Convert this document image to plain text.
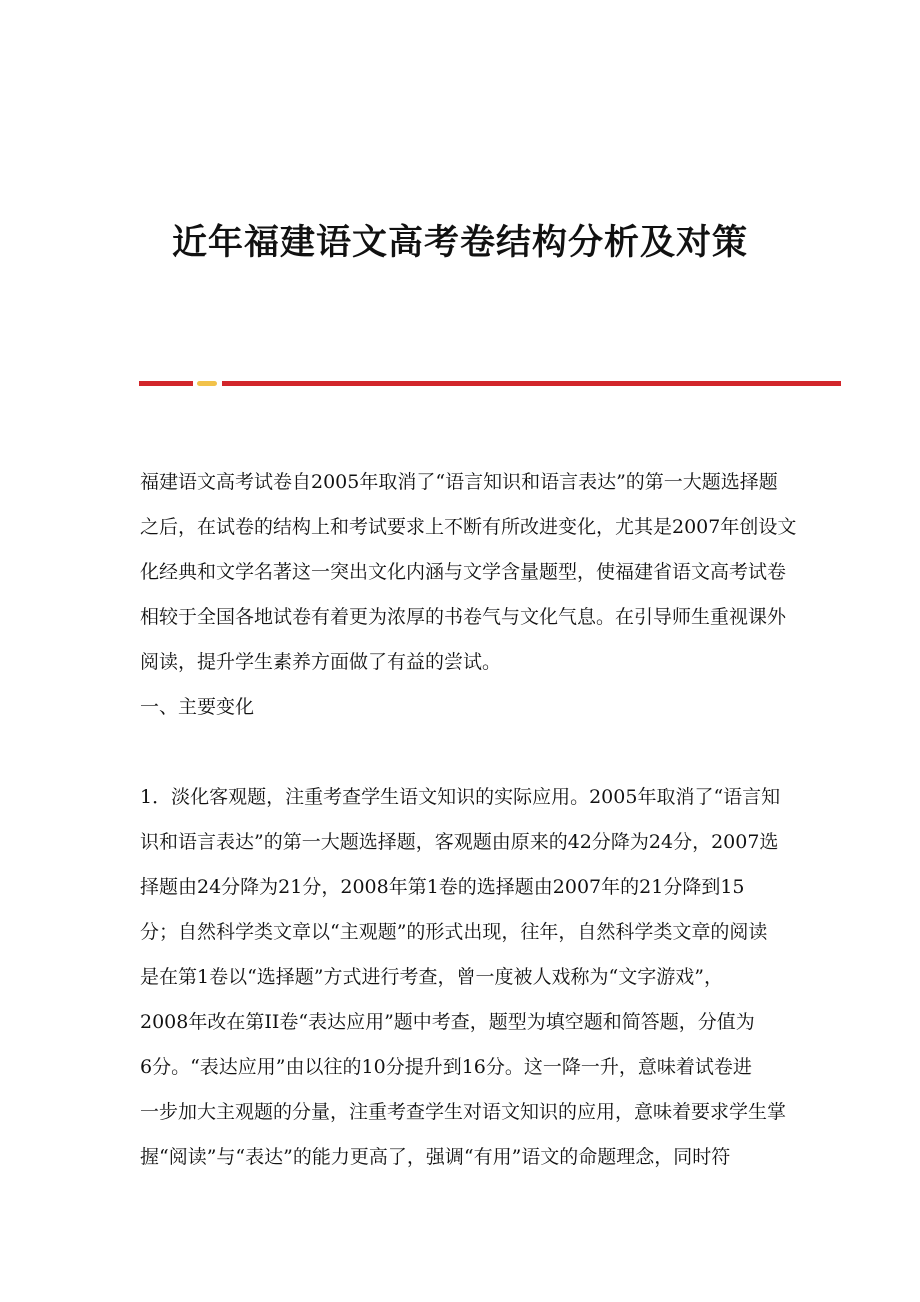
近年福建语文高考卷结构分析及对策
福建语文高考试卷自2005年取消了“语言知识和语言表达”的第一大题选择题
之后，在试卷的结构上和考试要求上不断有所改进变化，尤其是2007年创设文
化经典和文学名著这一突出文化内涵与文学含量题型，使福建省语文高考试卷
相较于全国各地试卷有着更为浓厚的书卷气与文化气息。在引导师生重视课外
阅读，提升学生素养方面做了有益的尝试。
一、主要变化
1．淡化客观题，注重考查学生语文知识的实际应用。2005年取消了“语言知
识和语言表达”的第一大题选择题，客观题由原来的42分降为24分，2007选
择题由24分降为21分，2008年第1卷的选择题由2007年的21分降到15
分；自然科学类文章以“主观题”的形式出现，往年，自然科学类文章的阅读
是在第1卷以“选择题”方式进行考查，曾一度被人戏称为“文字游戏”，
2008年改在第II卷“表达应用”题中考查，题型为填空题和简答题，分值为
6分。“表达应用”由以往的10分提升到16分。这一降一升，意味着试卷进
一步加大主观题的分量，注重考查学生对语文知识的应用，意味着要求学生掌
握“阅读”与“表达”的能力更高了，强调“有用”语文的命题理念，同时符
